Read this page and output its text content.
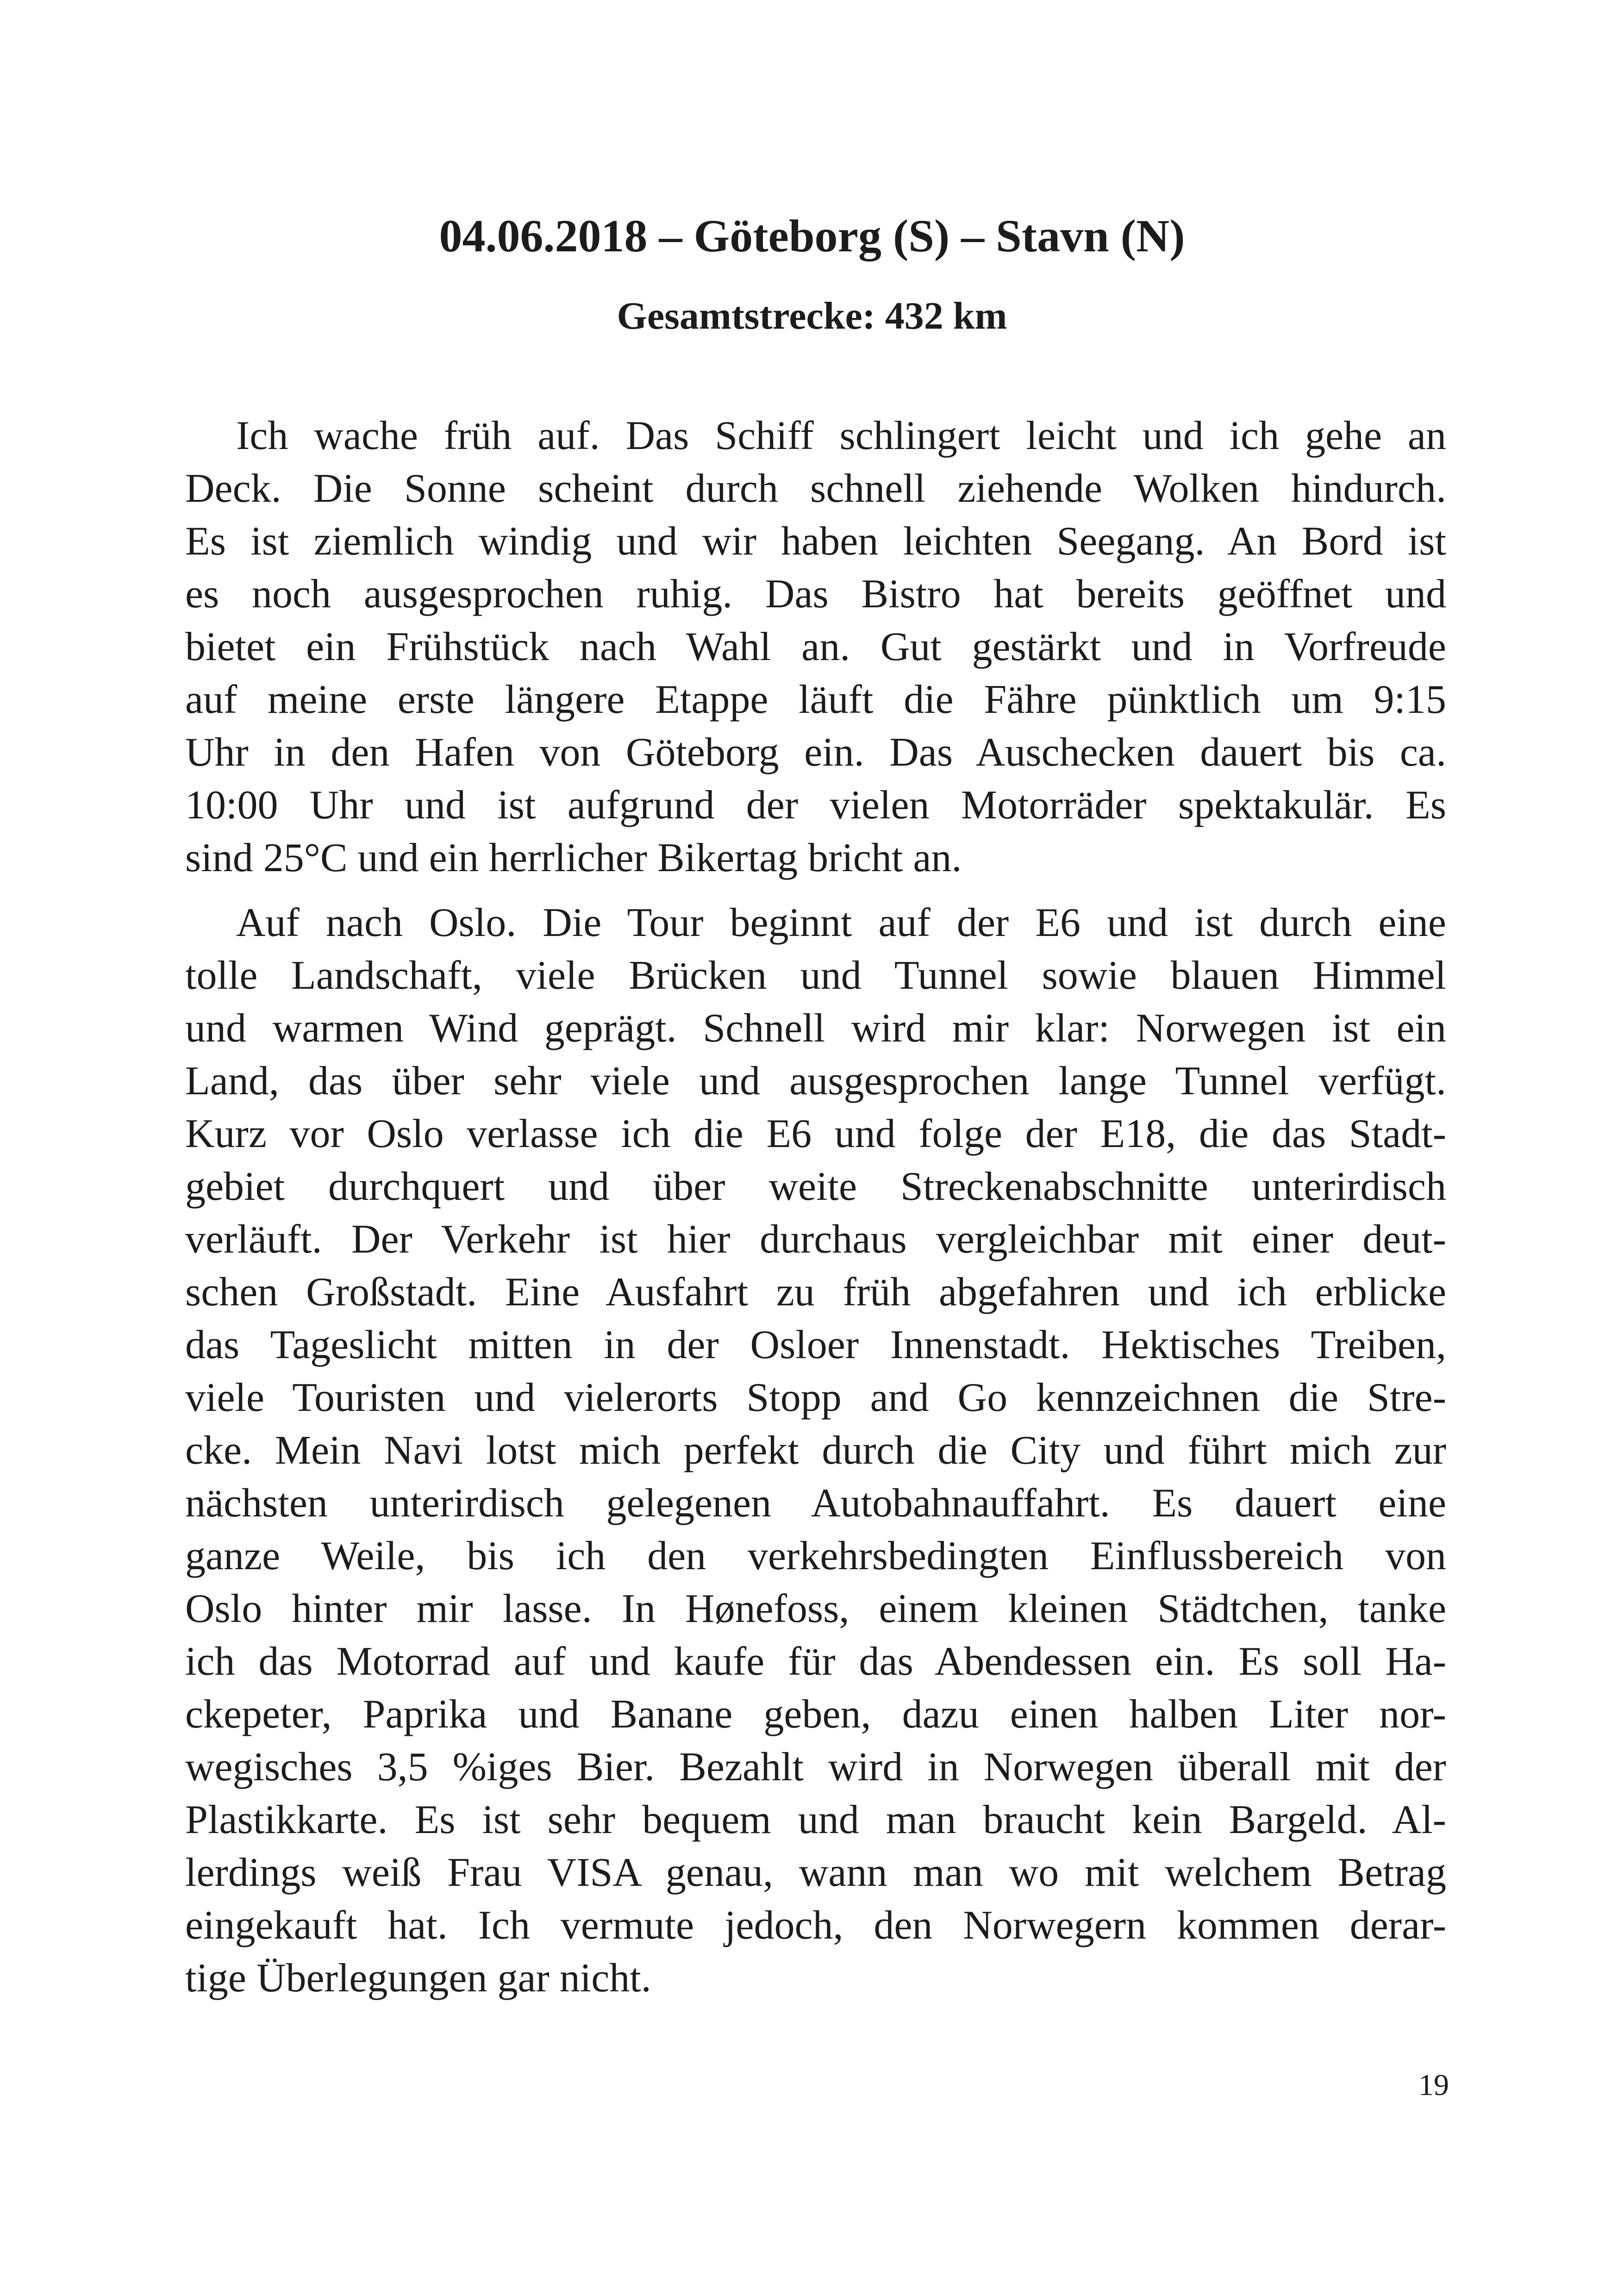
04.06.2018 – Göteborg (S) – Stavn (N)
Gesamtstrecke: 432 km
Ich wache früh auf. Das Schiff schlingert leicht und ich gehe an
Deck. Die Sonne scheint durch schnell ziehende Wolken hindurch.
Es ist ziemlich windig und wir haben leichten Seegang. An Bord ist
es noch ausgesprochen ruhig. Das Bistro hat bereits geöffnet und
bietet ein Frühstück nach Wahl an. Gut gestärkt und in Vorfreude
auf meine erste längere Etappe läuft die Fähre pünktlich um 9:15
Uhr in den Hafen von Göteborg ein. Das Auschecken dauert bis ca.
10:00 Uhr und ist aufgrund der vielen Motorräder spektakulär. Es
sind 25°C und ein herrlicher Bikertag bricht an.
Auf nach Oslo. Die Tour beginnt auf der E6 und ist durch eine
tolle Landschaft, viele Brücken und Tunnel sowie blauen Himmel
und warmen Wind geprägt. Schnell wird mir klar: Norwegen ist ein
Land, das über sehr viele und ausgesprochen lange Tunnel verfügt.
Kurz vor Oslo verlasse ich die E6 und folge der E18, die das Stadt-
gebiet durchquert und über weite Streckenabschnitte unterirdisch
verläuft. Der Verkehr ist hier durchaus vergleichbar mit einer deut-
schen Großstadt. Eine Ausfahrt zu früh abgefahren und ich erblicke
das Tageslicht mitten in der Osloer Innenstadt. Hektisches Treiben,
viele Touristen und vielerorts Stopp and Go kennzeichnen die Stre-
cke. Mein Navi lotst mich perfekt durch die City und führt mich zur
nächsten unterirdisch gelegenen Autobahnauffahrt. Es dauert eine
ganze Weile, bis ich den verkehrsbedingten Einflussbereich von
Oslo hinter mir lasse. In Hønefoss, einem kleinen Städtchen, tanke
ich das Motorrad auf und kaufe für das Abendessen ein. Es soll Ha-
ckepeter, Paprika und Banane geben, dazu einen halben Liter nor-
wegisches 3,5 %iges Bier. Bezahlt wird in Norwegen überall mit der
Plastikkarte. Es ist sehr bequem und man braucht kein Bargeld. Al-
lerdings weiß Frau VISA genau, wann man wo mit welchem Betrag
eingekauft hat. Ich vermute jedoch, den Norwegern kommen derar-
tige Überlegungen gar nicht.
19
